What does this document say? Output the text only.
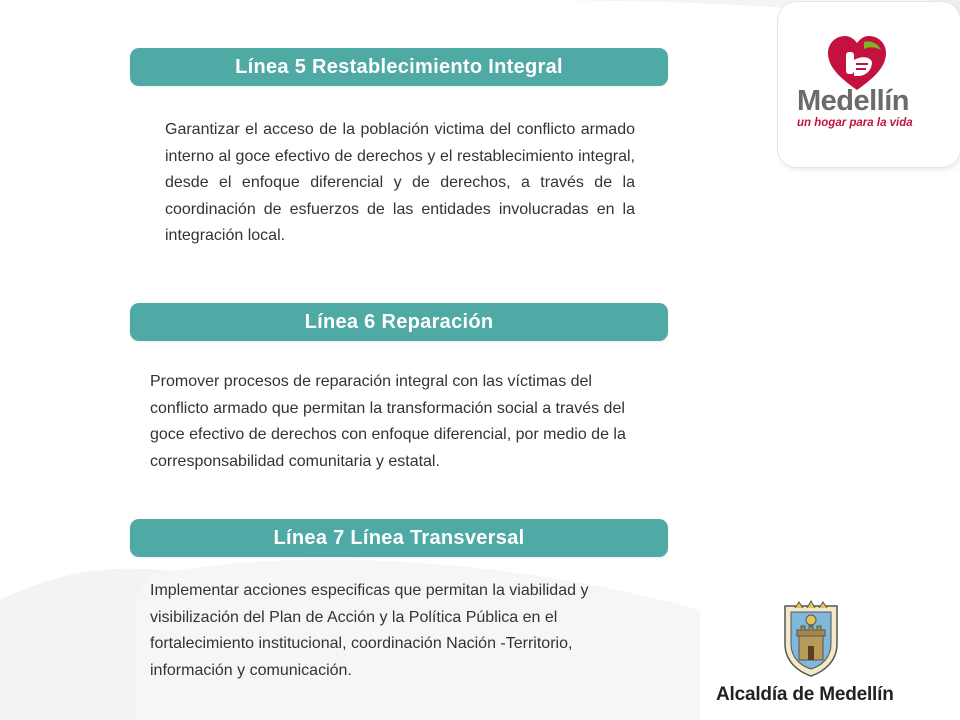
Medellín
un hogar para la vida
Línea 5 Restablecimiento Integral
Garantizar el acceso de la población victima del conflicto armado interno al goce efectivo de derechos y el restablecimiento integral, desde el enfoque diferencial y de derechos, a través de la coordinación de esfuerzos de las entidades involucradas en la integración local.
Línea 6 Reparación
Promover procesos de reparación integral con las víctimas del conflicto armado que permitan la transformación social a través del goce efectivo de derechos con enfoque diferencial, por medio de la corresponsabilidad comunitaria y estatal.
Línea 7 Línea Transversal
Implementar acciones especificas que permitan la viabilidad y visibilización del Plan de Acción y la Política Pública en el fortalecimiento institucional, coordinación Nación -Territorio, información y comunicación.
Alcaldía de Medellín
